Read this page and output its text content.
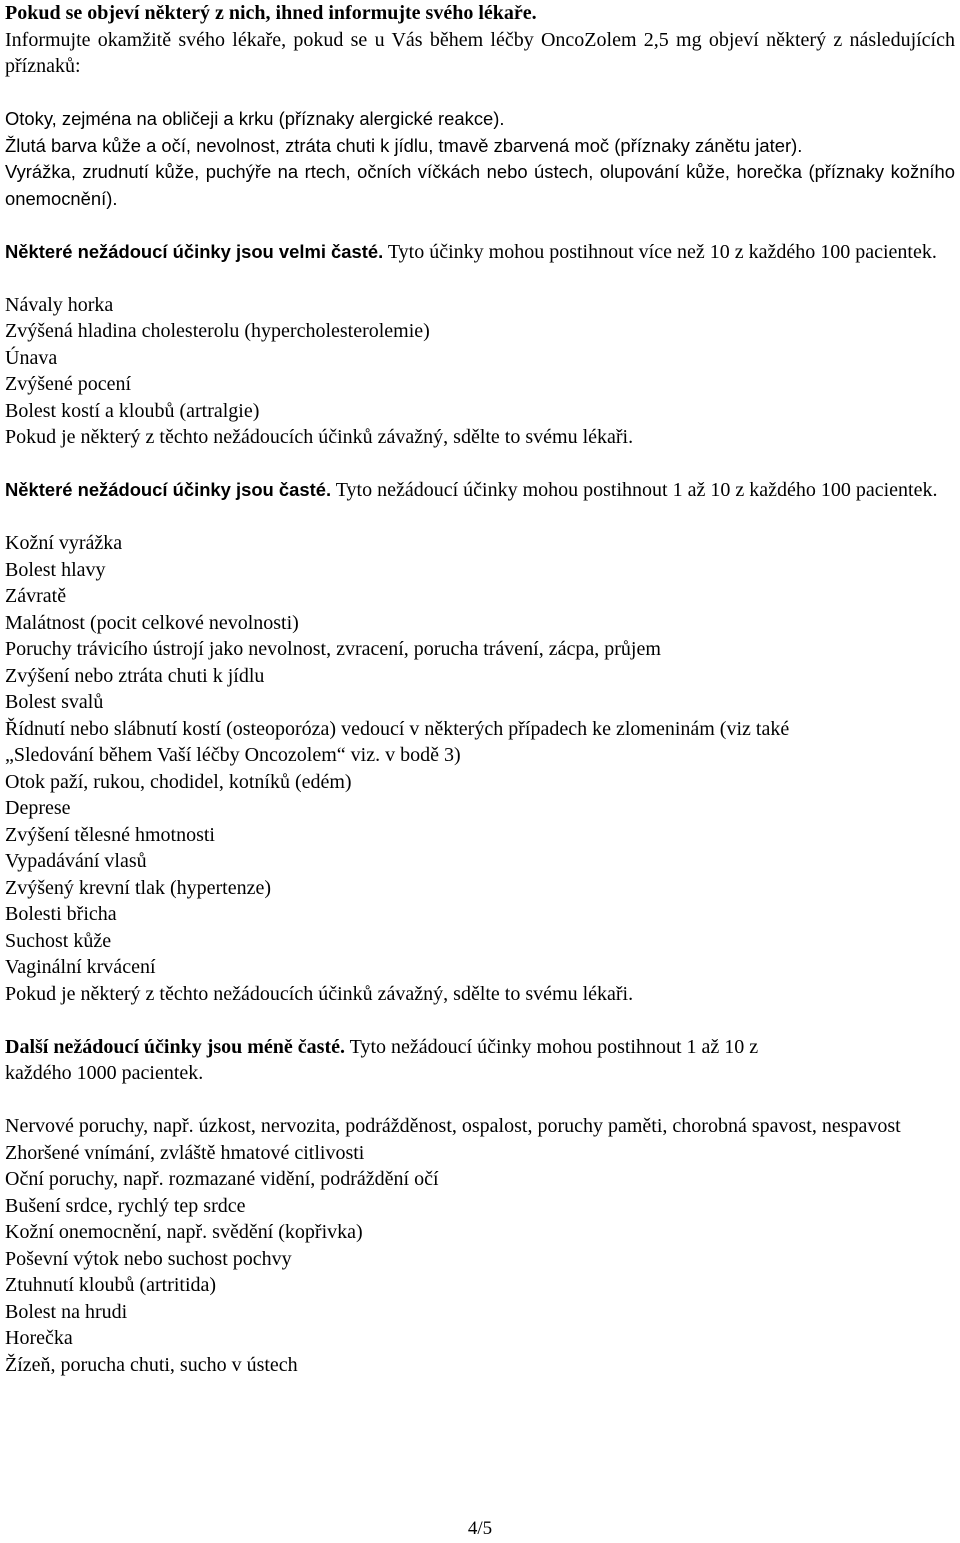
Pokud se objeví některý z nich, ihned informujte svého lékaře.

Informujte okamžitě svého lékaře, pokud se u Vás během léčby OncoZolem 2,5 mg objeví některý z následujících příznaků:

Otoky, zejména na obličeji a krku (příznaky alergické reakce).

Žlutá barva kůže a očí, nevolnost, ztráta chuti k jídlu, tmavě zbarvená moč (příznaky zánětu jater).

Vyrážka, zrudnutí kůže, puchýře na rtech, očních víčkách nebo ústech, olupování kůže, horečka (příznaky kožního onemocnění).

Některé nežádoucí účinky jsou velmi časté. Tyto účinky mohou postihnout více než 10 z každého 100 pacientek.

Návaly horka
Zvýšená hladina cholesterolu (hypercholesterolemie)
Únava
Zvýšené pocení
Bolest kostí a kloubů (artralgie)
Pokud je některý z těchto nežádoucích účinků závažný, sdělte to svému lékaři.

Některé nežádoucí účinky jsou časté. Tyto nežádoucí účinky mohou postihnout 1 až 10 z každého 100 pacientek.

Kožní vyrážka
Bolest hlavy
Závratě
Malátnost (pocit celkové nevolnosti)
Poruchy trávicího ústrojí jako nevolnost, zvracení, porucha trávení, zácpa, průjem
Zvýšení nebo ztráta chuti k jídlu
Bolest svalů
Řídnutí nebo slábnutí kostí (osteoporóza) vedoucí v některých případech ke zlomeninám (viz také
„Sledování během Vaší léčby Oncozolem“ viz. v bodě 3)
Otok paží, rukou, chodidel, kotníků (edém)
Deprese
Zvýšení tělesné hmotnosti
Vypadávání vlasů
Zvýšený krevní tlak (hypertenze)
Bolesti břicha
Suchost kůže
Vaginální krvácení
Pokud je některý z těchto nežádoucích účinků závažný, sdělte to svému lékaři.

Další nežádoucí účinky jsou méně časté. Tyto nežádoucí účinky mohou postihnout 1 až 10 z
každého 1000 pacientek.

Nervové poruchy, např. úzkost, nervozita, podrážděnost, ospalost, poruchy paměti, chorobná spavost, nespavost
Zhoršené vnímání, zvláště hmatové citlivosti
Oční poruchy, např. rozmazané vidění, podráždění očí
Bušení srdce, rychlý tep srdce
Kožní onemocnění, např. svědění (kopřivka)
Poševní výtok nebo suchost pochvy
Ztuhnutí kloubů (artritida)
Bolest na hrudi
Horečka
Žízeň, porucha chuti, sucho v ústech
4/5
